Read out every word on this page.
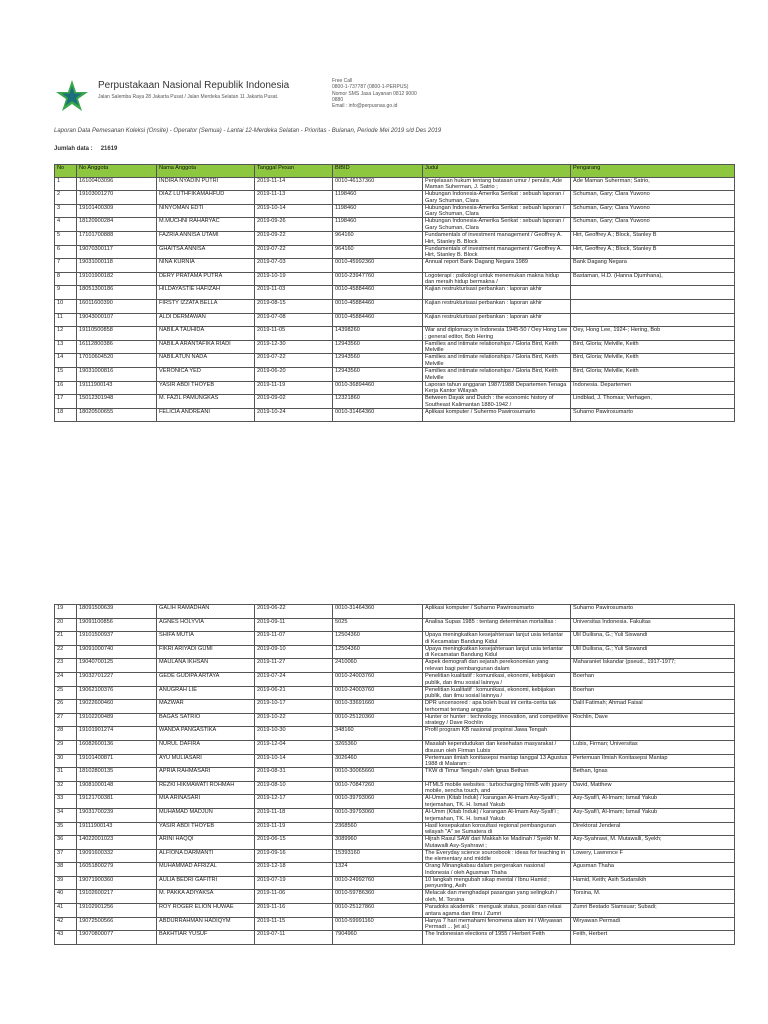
Perpustakaan Nasional Republik Indonesia
Jalan Salemba Raya 28 Jakarta Pusat / Jalan Merdeka Selatan 11 Jakarta Pusat.
Free Call
0800-1-737787 (0800-1-PERPUS)
Nomor SMS Jasa Layanan 0812 9000
0880
Email : info@perpusnas.go.id
Laporan Data Pemesanan Koleksi (Onsite) - Operator (Semua) - Lantai 12-Merdeka Selatan - Prioritas - Bulanan, Periode Mei 2019 s/d Des 2019
Jumlah data : 21619
No	No Anggota	Nama Anggota	Tanggal Pesan	BIBID	Judul	Pengarang

1	16100403096	INDIRA NYADIN PUTRI	2019-11-14	0010-46137360	Penjelasan hukum tentang batasan umur / penulis, Ade Maman Suherman, J. Satrio ;	Ade Maman Suherman; Satrio,

2	19103001270	DIAZ LUTHFIKAMAHFUD	2019-11-13	1198460	Hubungan Indonesia-Amerika Serikat : sebuah laporan / Gary Schuman, Clara	Schuman, Gary; Clara Yuwono

3	19101400309	NINYOMAN EDTI	2019-10-14	1198460	Hubungan Indonesia-Amerika Serikat : sebuah laporan / Gary Schuman, Clara	Schuman, Gary; Clara Yuwono

4	18120900284	M.MUCHNI RAHARYAC	2019-09-26	1198460	Hubungan Indonesia-Amerika Serikat : sebuah laporan / Gary Schuman, Clara	Schuman, Gary; Clara Yuwono

5	17101700888	FAZRIA ANNISA UTAMI	2019-09-22	964160	Fundamentals of investment management / Geoffrey A. Hirt, Stanley B. Block	Hirt, Geoffrey A.; Block, Stanley B

6	19070300117	GHAITSA ANNISA	2019-07-22	964160	Fundamentals of investment management / Geoffrey A. Hirt, Stanley B. Block	Hirt, Geoffrey A.; Block, Stanley B

7	19031000118	NINA KURNIA	2019-07-03	0010-45992360	Annual report Bank Dagang Negara 1989	Bank Dagang Negara

8	19101900182	DERY PRATAMA PUTRA	2019-10-19	0010-23947760	Logoterapi : psikologi untuk menemukan makna hidup dan meraih hidup bermakna /	Bastaman, H.D. (Hanna Djumhana),

9	18051300186	HILDAYASTIE HAFIZAH	2019-11-03	0010-45884460	Kajian restrukturisasi perbankan : laporan akhir	

10	16011600390	FIRSTY IZZATA BELLA	2019-08-15	0010-45884460	Kajian restrukturisasi perbankan : laporan akhir	

11	19043000107	ALDI DERMAWAN	2019-07-08	0010-45884460	Kajian restrukturisasi perbankan : laporan akhir	

12	19110500858	NABILA TAUHIDA	2019-11-05	14398260	War and diplomacy in Indonesia 1945-50 / Oey Hong Lee ; general editor, Bob Hering	Oey, Hong Lee, 1924-; Hering, Bob

13	16112800386	NABILA ARANTAFIKA RIADI	2019-12-30	12943560	Families and intimate relationships / Gloria Bird, Keith Melville	Bird, Gloria; Melville, Keith

14	17010604520	NABILATUN NADA	2019-07-22	12943560	Families and intimate relationships / Gloria Bird, Keith Melville	Bird, Gloria; Melville, Keith

15	19031000816	VERONICA YED	2019-06-20	12943560	Families and intimate relationships / Gloria Bird, Keith Melville	Bird, Gloria; Melville, Keith

16	19111900143	YASIR ABDI THOYEB	2019-11-19	0010-36894460	Laporan tahun anggaran 1987/1988 Departemen Tenaga Kerja Kantor Wilayah	Indonesia. Departemen

17	15012301948	M. FAZIL PAMUNGKAS	2019-09-02	12321860	Between Dayak and Dutch : the economic history of Southeast Kalimantan 1880-1942 /	Lindblad, J. Thomas; Verhagen,

18	18020500655	FELICIA ANDREANI	2019-10-24	0010-31464360	Aplikasi komputer / Suhermo Pawirosumarto	Suharno Pawirosumarto
19	18091500639	GALIH RAMADHAN	2019-06-22	0010-31464360	Aplikasi komputer / Suharno Pawirosumarto	Suharno Pawirosumarto

20	19091100856	AGNES HOLYVIA	2019-09-11	5025	Analisa Supas 1985 : tentang determinan mortalitas :	Universitas Indonesia. Fakultas

21	19101500937	SHIFA MUTIA	2019-11-07	12504360	Upaya meningkatkan kesejahteraan lanjut usia terlantar di Kecamatan Bandung Kidul	Ulil Duilisna, G.; Yuli Siswandi

22	19091000740	FIKRI ARIYADI GUMI	2019-09-10	12504360	Upaya meningkatkan kesejahteraan lanjut usia terlantar di Kecamatan Bandung Kidul	Ulil Duilisna, G.; Yuli Siswandi

23	19040700125	MAULANA IKHSAN	2019-11-27	2410060	Aspek demografi dan sejarah perekonomian yang relevan bagi pembangunan dalam	Maharaniet Iskandar (pseud., 1917-1977;

24	19032701227	GEDE GUDIPA ARTAYA	2019-07-24	0010-24003760	Penelitian kualitatif : komunikasi, ekonomi, kebijakan publik, dan ilmu sosial lainnya /	Boerhan

25	19062100376	ANUGRAH LIE	2019-06-21	0010-24003760	Penelitian kualitatif : komunikasi, ekonomi, kebijakan publik, dan ilmu sosial lainnya /	Boerhan

26	19022600460	MAZWAR	2019-10-17	0010-33691660	DPR uncensored : apa boleh buat ini cerita-cerita tak terhormat tentang anggota	Dalil Fatimah; Ahmad Faisal

27	19102200489	BAGAS SATRIO	2019-10-22	0010-25120360	Hunter or hunter : technology, innovation, and competitive strategy / Dave Rochlin	Rochlin, Dave

28	19101901274	WANDA PANGASTIKA	2019-10-30	348160	Profil program KB nasional propinsi Jawa Tengah	

29	16082600136	NURUL DAFIRA	2019-12-04	3265360	Masalah kependudukan dan kesehatan masyarakat / disusun oleh Firman Lubis	Lubis, Firman; Universitas

30	19101400871	AYU MULIASARI	2019-10-14	3026460	Pertemuan ilmiah konitasepsi mantap tanggal 13 Agustus 1988 di Malaram :	Pertemuan Ilmiah Konitasepsi Mantap

31	18102800135	APRIA RAHMASARI	2019-08-31	0010-30065660	TKW di Timur Tengah / oleh Ignas Bethan	Bethan, Ignas

32	19081000148	REZKI HIKMAWATI ROHMAH	2019-08-10	0010-70847260	HTML5 mobile websites : turbocharging html5 with jquery mobile, sencha touch, and	David, Matthew

33	19121700381	MIA ARINASARI	2019-12-17	0010-39793060	Al-Umm (Kitab Induk) / karangan Al-Imam Asy-Syafi'i ; terjemahan, TK. H. Ismail Yakub	Asy-Syafi'i, Al-Imam; Ismail Yakub

34	19031700239	MUHAMAD MADJUN	2019-11-18	0010-39793060	Al-Umm (Kitab Induk) / karangan Al-Imam Asy-Syafi'i ; terjemahan, TK. H. Ismail Yakub	Asy-Syafi'i, Al-Imam; Ismail Yakub

35	19111900143	YASIR ABDI THOYEB	2019-11-19	2368560	Hasil kesepakatan konsultasi regional pembangunan wilayah "A" se Sumatera di	Direktorat Jenderal

36	14022001023	ARINI HAQQI	2019-06-15	3089960	Hijrah Rasul SAW dari Makkah ke Madinah / Syekh M. Mutawalli Asy-Syahrawi ;	Asy-Syahrawi, M. Mutawalli, Syekh;

37	19091600332	ALFIONA DARMANTI	2019-09-16	15393160	The Everyday science sourcebook : ideas for teaching in the elementary and middle	Lowery, Lawrence F

38	16051800279	MUHAMMAD AFRIZAL	2019-12-18	1324	Orang Minangkabau dalam pergerakan nasional Indonesia / oleh Agusman Thaha	Agusman Thaha

39	19071900360	AULIA BEDRI GAFITRI	2019-07-19	0010-24992760	10 langkah mengubah sikap mental / Ibnu Hamid ; penyunting, Asih	Hamid, Keith; Asih Sudarsikih

40	19102600217	M. PAKKA ADIYAKSA	2019-11-06	0010-59786360	Melacak dan menghadapi pasangan yang selingkuh / oleh, M. Torsina	Torsina, M.

41	19102901256	ROY ROGER ELION HUWAE	2019-11-16	0010-25127860	Paradoks akademik : menguak status, posisi dan relasi antara agama dan ilmu / Zumri	Zumri Bestado Siamsuar; Subadi;

42	19072500566	ABDURRAHMAN HADIQYM	2019-11-15	0010-59991160	Hanya 7 hari memahami fenomena alam ini / Wiryawan Permadi ... [et al.]	Wiryawan Permadi

43	19070800077	BAKHTIAR YUSUF	2019-07-11	7904960	The Indonesian elections of 1955 / Herbert Feith	Feith, Herbert
